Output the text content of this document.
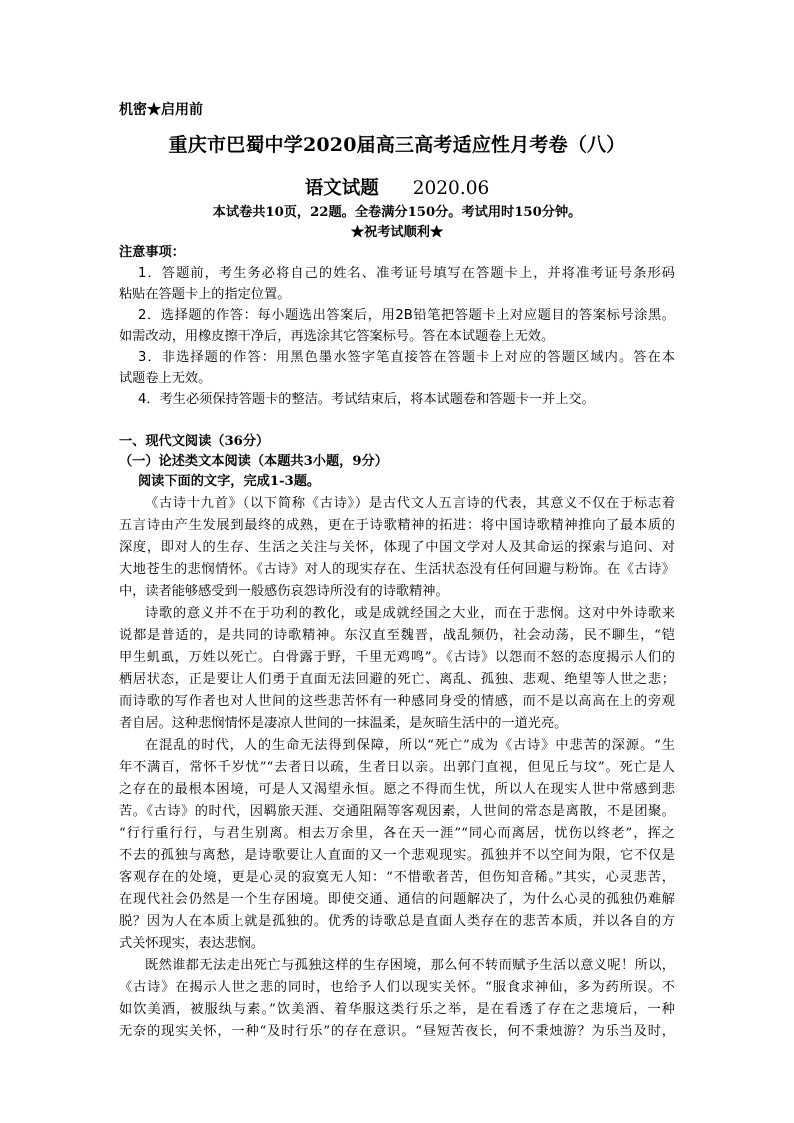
机密★启用前
重庆市巴蜀中学2020届高三高考适应性月考卷（八）
语文试题 2020.06
本试卷共10页，22题。全卷满分150分。考试用时150分钟。
★祝考试顺利★
注意事项：
1．答题前，考生务必将自己的姓名、准考证号填写在答题卡上，并将准考证号条形码
粘贴在答题卡上的指定位置。
2．选择题的作答：每小题选出答案后，用2B铅笔把答题卡上对应题目的答案标号涂黑。
如需改动，用橡皮擦干净后，再选涂其它答案标号。答在本试题卷上无效。
3．非选择题的作答：用黑色墨水签字笔直接答在答题卡上对应的答题区域内。答在本
试题卷上无效。
4．考生必须保持答题卡的整洁。考试结束后，将本试题卷和答题卡一并上交。
一、现代文阅读（36分）
（一）论述类文本阅读（本题共3小题，9分）
阅读下面的文字，完成1-3题。
《古诗十九首》（以下简称《古诗》）是古代文人五言诗的代表，其意义不仅在于标志着
五言诗由产生发展到最终的成熟，更在于诗歌精神的拓进：将中国诗歌精神推向了最本质的
深度，即对人的生存、生活之关注与关怀，体现了中国文学对人及其命运的探索与追问、对
大地苍生的悲悯情怀。《古诗》对人的现实存在、生活状态没有任何回避与粉饰。在《古诗》
中，读者能够感受到一般感伤哀怨诗所没有的诗歌精神。
诗歌的意义并不在于功利的教化，或是成就经国之大业，而在于悲悯。这对中外诗歌来
说都是普适的，是共同的诗歌精神。东汉直至魏晋，战乱频仍，社会动荡，民不聊生，“铠
甲生虮虱，万姓以死亡。白骨露于野，千里无鸡鸣”。《古诗》以怨而不怒的态度揭示人们的
栖居状态，正是要让人们勇于直面无法回避的死亡、离乱、孤独、悲观、绝望等人世之悲；
而诗歌的写作者也对人世间的这些悲苦怀有一种感同身受的情感，而不是以高高在上的旁观
者自居。这种悲悯情怀是凄凉人世间的一抹温柔，是灰暗生活中的一道光亮。
在混乱的时代，人的生命无法得到保障，所以“死亡”成为《古诗》中悲苦的深源。“生
年不满百，常怀千岁忧”“去者日以疏，生者日以亲。出郭门直视，但见丘与坟”。死亡是人
之存在的最根本困境，可是人又渴望永恒。愿之不得而生忧，所以人在现实人世中常感到悲
苦。《古诗》的时代，因羁旅天涯、交通阻隔等客观因素，人世间的常态是离散，不是团聚。
“行行重行行，与君生别离。相去万余里，各在天一涯”“同心而离居，忧伤以终老”，挥之
不去的孤独与离愁，是诗歌要让人直面的又一个悲观现实。孤独并不以空间为限，它不仅是
客观存在的处境，更是心灵的寂寞无人知：“不惜歌者苦，但伤知音稀。”其实，心灵悲苦，
在现代社会仍然是一个生存困境。即使交通、通信的问题解决了，为什么心灵的孤独仍难解
脱？因为人在本质上就是孤独的。优秀的诗歌总是直面人类存在的悲苦本质，并以各自的方
式关怀现实，表达悲悯。
既然谁都无法走出死亡与孤独这样的生存困境，那么何不转而赋予生活以意义呢！所以，
《古诗》在揭示人世之悲的同时，也给予人们以现实关怀。“服食求神仙，多为药所误。不
如饮美酒，被服纨与素。”饮美酒、着华服这类行乐之举，是在看透了存在之悲境后，一种
无奈的现实关怀，一种“及时行乐”的存在意识。“昼短苦夜长，何不秉烛游？为乐当及时，
